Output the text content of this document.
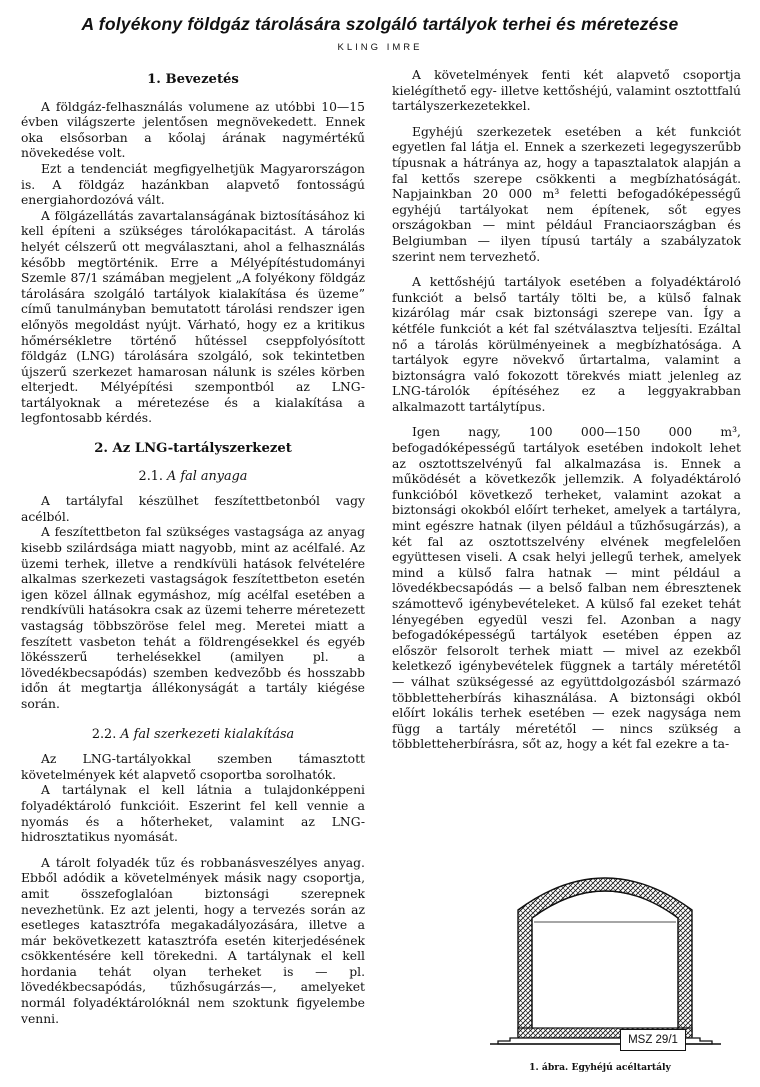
A folyékony földgáz tárolására szolgáló tartályok terhei és méretezése
KLING IMRE
1. Bevezetés

A földgáz-felhasználás volumene az utóbbi 10—15 évben világszerte jelentősen megnövekedett. Ennek oka elsősorban a kőolaj árának nagymértékű növekedése volt.

Ezt a tendenciát megfigyelhetjük Magyarországon is. A földgáz hazánkban alapvető fontosságú energiahordozóvá vált.

A fölgázellátás zavartalanságának biztosításához ki kell építeni a szükséges tárolókapacitást. A tárolás helyét célszerű ott megválasztani, ahol a felhasználás később megtörténik. Erre a Mélyépítéstudományi Szemle 87/1 számában megjelent „A folyékony földgáz tárolására szolgáló tartályok kialakítása és üzeme” című tanulmányban bemutatott tárolási rendszer igen előnyös megoldást nyújt. Várható, hogy ez a kritikus hőmérsékletre történő hűtéssel cseppfolyósított földgáz (LNG) tárolására szolgáló, sok tekintetben újszerű szerkezet hamarosan nálunk is széles körben elterjedt. Mélyépítési szempontból az LNG-tartályoknak a méretezése és a kialakítása a legfontosabb kérdés.

2. Az LNG-tartályszerkezet
2.1. A fal anyaga

A tartályfal készülhet feszítettbetonból vagy acélból.

A feszítettbeton fal szükséges vastagsága az anyag kisebb szilárdsága miatt nagyobb, mint az acélfalé. Az üzemi terhek, illetve a rendkívüli hatások felvételére alkalmas szerkezeti vastagságok feszítettbeton esetén igen közel állnak egymáshoz, míg acélfal esetében a rendkívüli hatásokra csak az üzemi teherre méretezett vastagság többszöröse felel meg. Meretei miatt a feszített vasbeton tehát a földrengésekkel és egyéb lökésszerű terhelésekkel (amilyen pl. a lövedékbecsapódás) szemben kedvezőbb és hosszabb időn át megtartja állékonyságát a tartály kiégése során.

2.2. A fal szerkezeti kialakítása

Az LNG-tartályokkal szemben támasztott követelmények két alapvető csoportba sorolhatók.

A tartálynak el kell látnia a tulajdonképpeni folyadéktároló funkcióit. Eszerint fel kell vennie a nyomás és a hőterheket, valamint az LNG-hidrosztatikus nyomását.

A tárolt folyadék tűz és robbanásveszélyes anyag. Ebből adódik a követelmények másik nagy csoportja, amit összefoglalóan biztonsági szerepnek nevezhetünk. Ez azt jelenti, hogy a tervezés során az esetleges katasztrófa megakadályozására, illetve a már bekövetkezett katasztrófa esetén kiterjedésének csökkentésére kell törekedni. A tartálynak el kell hordania tehát olyan terheket is — pl. lövedékbecsapódás, tűzhősugárzás—, amelyeket normál folyadéktárolóknál nem szoktunk figyelembe venni.

A követelmények fenti két alapvető csoportja kielégíthető egy- illetve kettőshéjú, valamint osztottfalú tartályszerkezetekkel.

Egyhéjú szerkezetek esetében a két funkciót egyetlen fal látja el. Ennek a szerkezeti legegyszerűbb típusnak a hátránya az, hogy a tapasztalatok alapján a fal kettős szerepe csökkenti a megbízhatóságát. Napjainkban 20 000 m³ feletti befogadóképességű egyhéjú tartályokat nem építenek, sőt egyes országokban — mint például Franciaországban és Belgiumban — ilyen típusú tartály a szabályzatok szerint nem tervezhető.

A kettőshéjú tartályok esetében a folyadéktároló funkciót a belső tartály tölti be, a külső falnak kizárólag már csak biztonsági szerepe van. Így a kétféle funkciót a két fal szétválasztva teljesíti. Ezáltal nő a tárolás körülményeinek a megbízhatósága. A tartályok egyre növekvő űrtartalma, valamint a biztonságra való fokozott törekvés miatt jelenleg az LNG-tárolók építéséhez ez a leggyakrabban alkalmazott tartálytípus.

Igen nagy, 100 000—150 000 m³, befogadóképességű tartályok esetében indokolt lehet az osztottszelvényű fal alkalmazása is. Ennek a működését a következők jellemzik. A folyadéktároló funkcióból következő terheket, valamint azokat a biztonsági okokból előírt terheket, amelyek a tartályra, mint egészre hatnak (ilyen például a tűzhősugárzás), a két fal az osztottszelvény elvének megfelelően együttesen viseli. A csak helyi jellegű terhek, amelyek mind a külső falra hatnak — mint például a lövedékbecsapódás — a belső falban nem ébresztenek számottevő igénybevételeket. A külső fal ezeket tehát lényegében egyedül veszi fel. Azonban a nagy befogadóképességű tartályok esetében éppen az először felsorolt terhek miatt — mivel az ezekből keletkező igénybevételek függnek a tartály méretétől — válhat szükségessé az együttdolgozásból származó többletteherbírás kihasználása. A biztonsági okból előírt lokális terhek esetében — ezek nagysága nem függ a tartály méretétől — nincs szükség a többletteherbírásra, sőt az, hogy a két fal ezekre a ta-

MSZ 29/1
1. ábra. Egyhéjú acéltartály
